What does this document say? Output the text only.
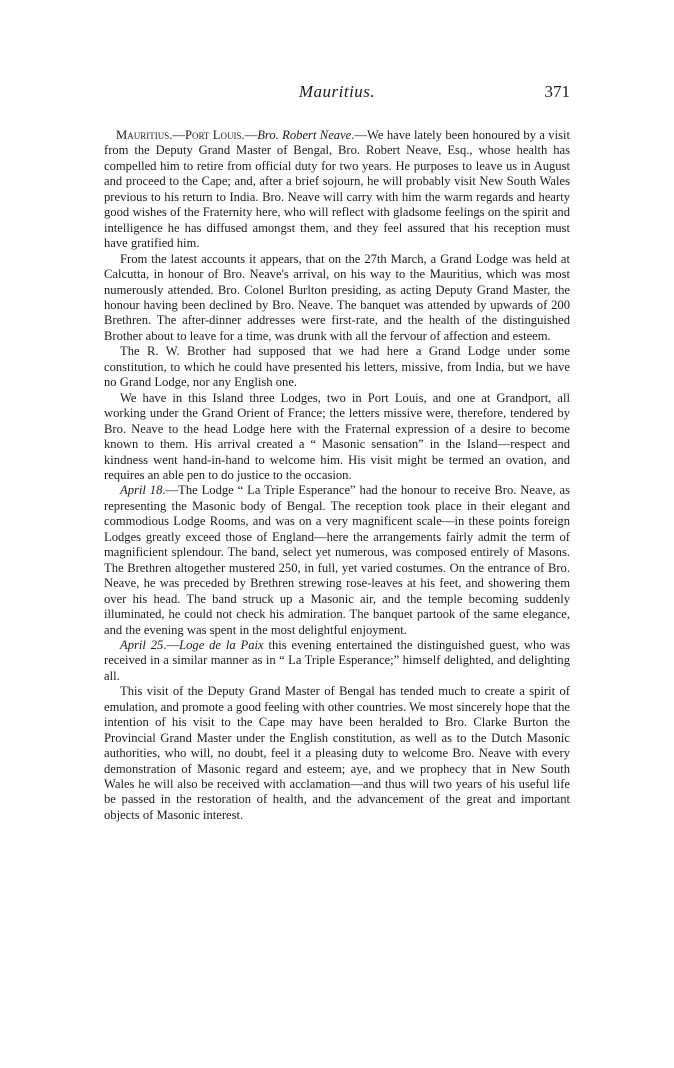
Mauritius.	371

Mauritius.—Port Louis.—Bro. Robert Neave.—We have lately been honoured by a visit from the Deputy Grand Master of Bengal, Bro. Robert Neave, Esq., whose health has compelled him to retire from official duty for two years. He purposes to leave us in August and proceed to the Cape; and, after a brief sojourn, he will probably visit New South Wales previous to his return to India. Bro. Neave will carry with him the warm regards and hearty good wishes of the Fraternity here, who will reflect with gladsome feelings on the spirit and intelligence he has diffused amongst them, and they feel assured that his reception must have gratified him.

From the latest accounts it appears, that on the 27th March, a Grand Lodge was held at Calcutta, in honour of Bro. Neave's arrival, on his way to the Mauritius, which was most numerously attended. Bro. Colonel Burlton presiding, as acting Deputy Grand Master, the honour having been declined by Bro. Neave. The banquet was attended by upwards of 200 Brethren. The after-dinner addresses were first-rate, and the health of the distinguished Brother about to leave for a time, was drunk with all the fervour of affection and esteem.

The R. W. Brother had supposed that we had here a Grand Lodge under some constitution, to which he could have presented his letters, missive, from India, but we have no Grand Lodge, nor any English one.

We have in this Island three Lodges, two in Port Louis, and one at Grandport, all working under the Grand Orient of France; the letters missive were, therefore, tendered by Bro. Neave to the head Lodge here with the Fraternal expression of a desire to become known to them. His arrival created a “ Masonic sensation” in the Island—respect and kindness went hand-in-hand to welcome him. His visit might be termed an ovation, and requires an able pen to do justice to the occasion.

April 18.—The Lodge “ La Triple Esperance” had the honour to receive Bro. Neave, as representing the Masonic body of Bengal. The reception took place in their elegant and commodious Lodge Rooms, and was on a very magnificent scale—in these points foreign Lodges greatly exceed those of England—here the arrangements fairly admit the term of magnificient splendour. The band, select yet numerous, was composed entirely of Masons. The Brethren altogether mustered 250, in full, yet varied costumes. On the entrance of Bro. Neave, he was preceded by Brethren strewing rose-leaves at his feet, and showering them over his head. The band struck up a Masonic air, and the temple becoming suddenly illuminated, he could not check his admiration. The banquet partook of the same elegance, and the evening was spent in the most delightful enjoyment.

April 25.—Loge de la Paix this evening entertained the distinguished guest, who was received in a similar manner as in “ La Triple Esperance;” himself delighted, and delighting all.

This visit of the Deputy Grand Master of Bengal has tended much to create a spirit of emulation, and promote a good feeling with other countries. We most sincerely hope that the intention of his visit to the Cape may have been heralded to Bro. Clarke Burton the Provincial Grand Master under the English constitution, as well as to the Dutch Masonic authorities, who will, no doubt, feel it a pleasing duty to welcome Bro. Neave with every demonstration of Masonic regard and esteem; aye, and we prophecy that in New South Wales he will also be received with acclamation—and thus will two years of his useful life be passed in the restoration of health, and the advancement of the great and important objects of Masonic interest.
